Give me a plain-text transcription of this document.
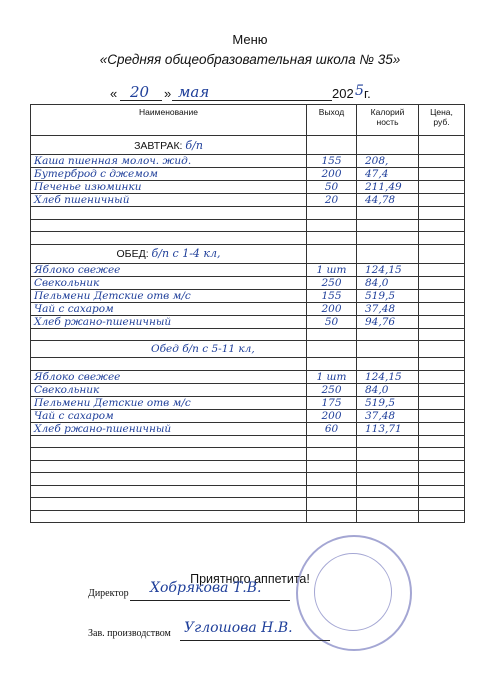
Меню
«Средняя общеобразовательная школа № 35»
« 20 » мая	202 5 г.
Наименование	Выход	Калорий ность	Цена, руб.
ЗАВТРАК: б/п			
Каша пшенная молоч. жид.	155	208,	
Бутерброд с джемом	200	47,4	
Печенье изюминки	50	211,49	
Хлеб пшеничный	20	44,78	

ОБЕД: б/п с 1-4 кл,			
Яблоко свежее	1 шт	124,15	
Свекольник	250	84,0	
Пельмени Детские отв м/с	155	519,5	
Чай с сахаром	200	37,48	
Хлеб ржано-пшеничный	50	94,76	

Обед б/п с 5-11 кл,			

Яблоко свежее	1 шт	124,15	
Свекольник	250	84,0	
Пельмени Детские отв м/с	175	519,5	
Чай с сахаром	200	37,48	
Хлеб ржано-пшеничный	60	113,71	

Приятного аппетита!
Директор Хобрякова Т.В.
Зав. производством Углошова Н.В.
